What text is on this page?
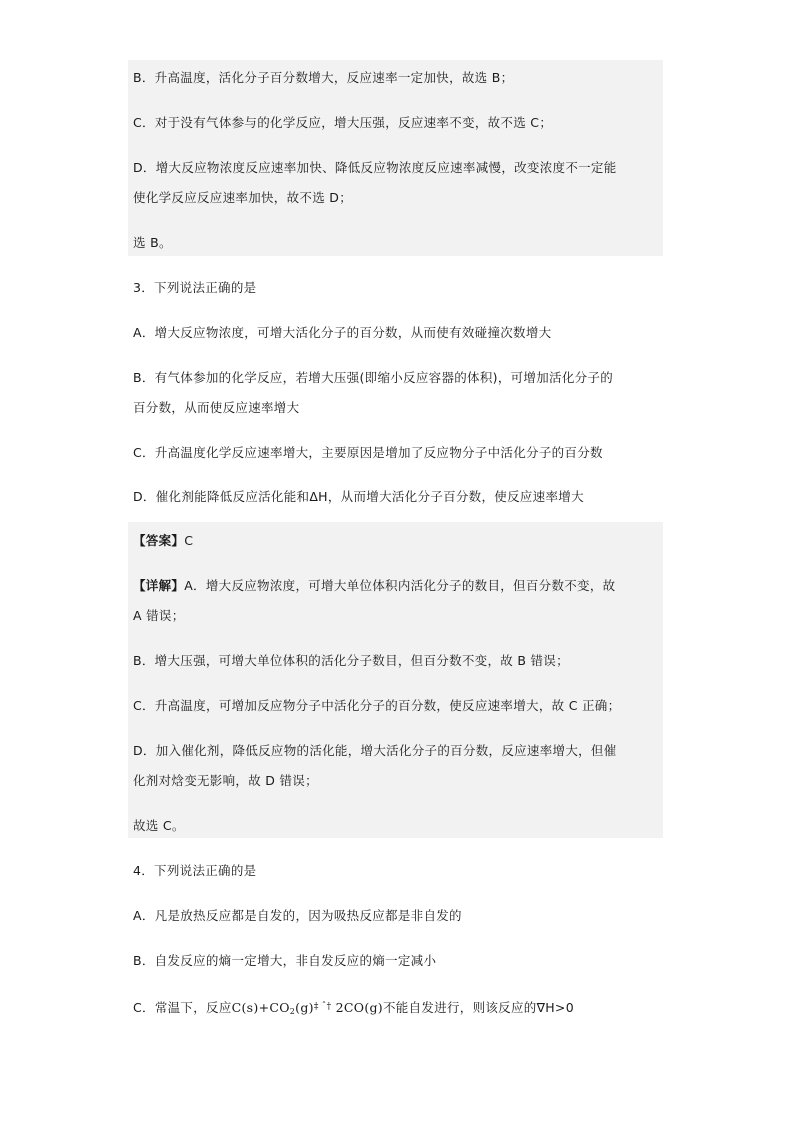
B．升高温度，活化分子百分数增大，反应速率一定加快，故选 B；
C．对于没有气体参与的化学反应，增大压强，反应速率不变，故不选 C；
D．增大反应物浓度反应速率加快、降低反应物浓度反应速率减慢，改变浓度不一定能
使化学反应反应速率加快，故不选 D；
选 B。
3．下列说法正确的是
A．增大反应物浓度，可增大活化分子的百分数，从而使有效碰撞次数增大
B．有气体参加的化学反应，若增大压强(即缩小反应容器的体积)，可增加活化分子的
百分数，从而使反应速率增大
C．升高温度化学反应速率增大，主要原因是增加了反应物分子中活化分子的百分数
D．催化剂能降低反应活化能和ΔH，从而增大活化分子百分数，使反应速率增大
【答案】C
【详解】A．增大反应物浓度，可增大单位体积内活化分子的数目，但百分数不变，故
A 错误；
B．增大压强，可增大单位体积的活化分子数目，但百分数不变，故 B 错误；
C．升高温度，可增加反应物分子中活化分子的百分数，使反应速率增大，故 C 正确；
D．加入催化剂，降低反应物的活化能，增大活化分子的百分数，反应速率增大，但催
化剂对焓变无影响，故 D 错误；
故选 C。
4．下列说法正确的是
A．凡是放热反应都是自发的，因为吸热反应都是非自发的
B．自发反应的熵一定增大，非自发反应的熵一定减小
C．常温下，反应$C(s)+CO_2(g)^{\ddagger ˆ\dagger}$ 2CO(g)不能自发进行，则该反应的∇H>0
